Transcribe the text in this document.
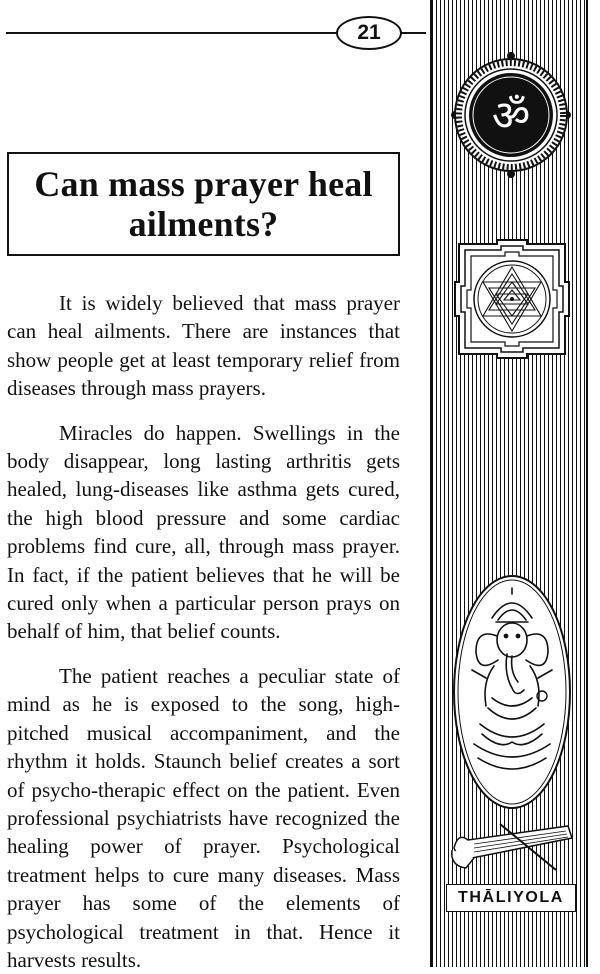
21
Can mass prayer heal ailments?

It is widely believed that mass prayer can heal ailments. There are instances that show people get at least temporary relief from diseases through mass prayers.

Miracles do happen. Swellings in the body disappear, long lasting arthritis gets healed, lung-diseases like asthma gets cured, the high blood pressure and some cardiac problems find cure, all, through mass prayer. In fact, if the patient believes that he will be cured only when a particular person prays on behalf of him, that belief counts.

The patient reaches a peculiar state of mind as he is exposed to the song, high-pitched musical accompaniment, and the rhythm it holds. Staunch belief creates a sort of psycho-therapic effect on the patient. Even professional psychiatrists have recognized the healing power of prayer. Psychological treatment helps to cure many diseases. Mass prayer has some of the elements of psychological treatment in that. Hence it harvests results.

ॐ
THĀLIYOLA
